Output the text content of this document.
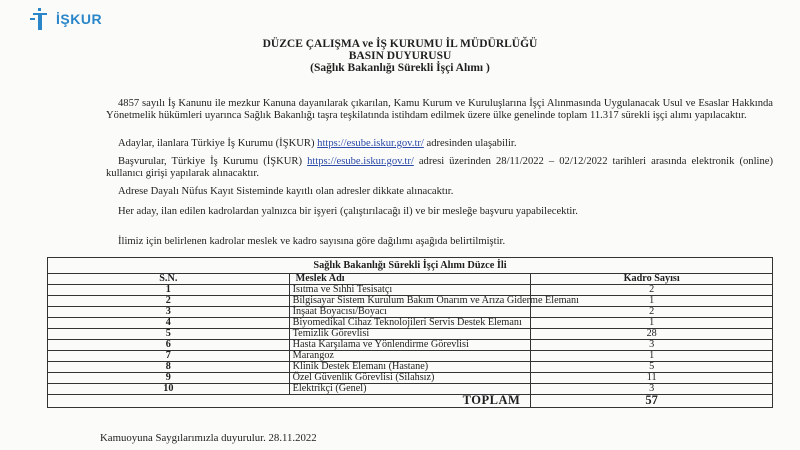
İŞKUR
DÜZCE ÇALIŞMA ve İŞ KURUMU İL MÜDÜRLÜĞÜ
BASIN DUYURUSU
(Sağlık Bakanlığı Sürekli İşçi Alımı )
4857 sayılı İş Kanunu ile mezkur Kanuna dayanılarak çıkarılan, Kamu Kurum ve Kuruluşlarına İşçi Alınmasında Uygulanacak Usul ve Esaslar Hakkında Yönetmelik hükümleri uyarınca Sağlık Bakanlığı taşra teşkilatında istihdam edilmek üzere ülke genelinde toplam 11.317 sürekli işçi alımı yapılacaktır.
Adaylar, ilanlara Türkiye İş Kurumu (İŞKUR) https://esube.iskur.gov.tr/ adresinden ulaşabilir.
Başvurular, Türkiye İş Kurumu (İŞKUR) https://esube.iskur.gov.tr/ adresi üzerinden 28/11/2022 – 02/12/2022 tarihleri arasında elektronik (online) kullanıcı girişi yapılarak alınacaktır.
Adrese Dayalı Nüfus Kayıt Sisteminde kayıtlı olan adresler dikkate alınacaktır.
Her aday, ilan edilen kadrolardan yalnızca bir işyeri (çalıştırılacağı il) ve bir mesleğe başvuru yapabilecektir.
İlimiz için belirlenen kadrolar meslek ve kadro sayısına göre dağılımı aşağıda belirtilmiştir.
Sağlık Bakanlığı Sürekli İşçi Alımı Düzce İli		
S.N.	Meslek Adı	Kadro Sayısı
1	Isıtma ve Sıhhi Tesisatçı	2
2	Bilgisayar Sistem Kurulum Bakım Onarım ve Arıza Giderme Elemanı	1
3	İnşaat Boyacısı/Boyacı	2
4	Biyomedikal Cihaz Teknolojileri Servis Destek Elemanı	1
5	Temizlik Görevlisi	28
6	Hasta Karşılama ve Yönlendirme Görevlisi	3
7	Marangoz	1
8	Klinik Destek Elemanı (Hastane)	5
9	Özel Güvenlik Görevlisi (Silahsız)	11
10	Elektrikçi (Genel)	3
TOPLAM		57
Kamuoyuna Saygılarımızla duyurulur. 28.11.2022
